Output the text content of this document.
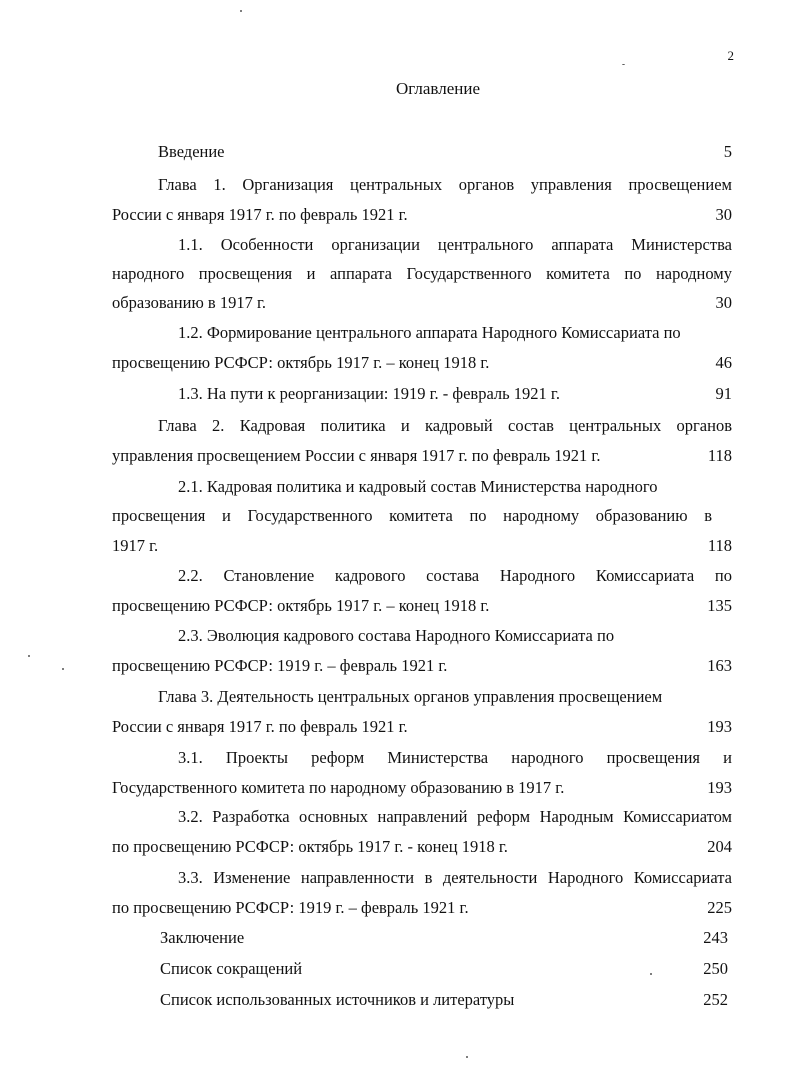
2
Оглавление
Введение	5
Глава 1. Организация центральных органов управления просвещением
России с января 1917 г. по февраль 1921 г.	30
1.1. Особенности организации центрального аппарата Министерства
народного просвещения и аппарата Государственного комитета по народному
образованию в 1917 г.	30
1.2. Формирование центрального аппарата Народного Комиссариата по
просвещению РСФСР: октябрь 1917 г. – конец 1918 г.	46
1.3. На пути к реорганизации: 1919 г. - февраль 1921 г.	91
Глава 2. Кадровая политика и кадровый состав центральных органов
управления просвещением России с января 1917 г. по февраль 1921 г.	118
2.1. Кадровая политика и кадровый состав Министерства народного
просвещения и Государственного комитета по народному образованию в
1917 г.	118
2.2. Становление кадрового состава Народного Комиссариата по
просвещению РСФСР: октябрь 1917 г. – конец 1918 г.	135
2.3. Эволюция кадрового состава Народного Комиссариата по
просвещению РСФСР: 1919 г. – февраль 1921 г.	163
Глава 3. Деятельность центральных органов управления просвещением
России с января 1917 г. по февраль 1921 г.	193
3.1. Проекты реформ Министерства народного просвещения и
Государственного комитета по народному образованию в 1917 г.	193
3.2. Разработка основных направлений реформ Народным Комиссариатом
по просвещению РСФСР: октябрь 1917 г. - конец 1918 г.	204
3.3. Изменение направленности в деятельности Народного Комиссариата
по просвещению РСФСР: 1919 г. – февраль 1921 г.	225
Заключение	243
Список сокращений	250
Список использованных источников и литературы	252
